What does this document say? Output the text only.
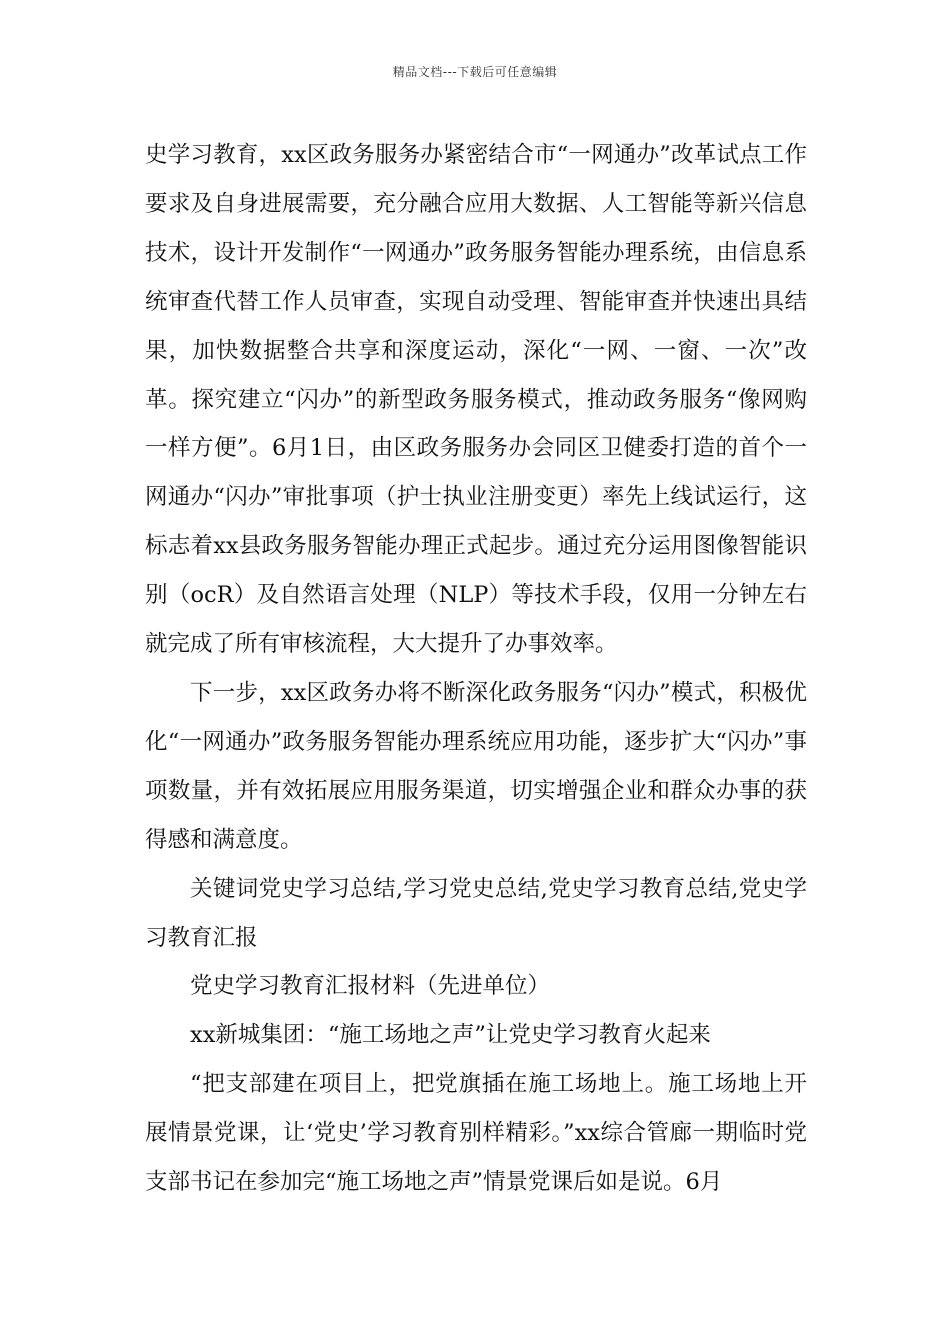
精品文档---下载后可任意编辑

史学习教育，xx区政务服务办紧密结合市“一网通办”改革试点工作要求及自身进展需要，充分融合应用大数据、人工智能等新兴信息技术，设计开发制作“一网通办”政务服务智能办理系统，由信息系统审查代替工作人员审查，实现自动受理、智能审查并快速出具结果，加快数据整合共享和深度运动，深化“一网、一窗、一次”改革。探究建立“闪办”的新型政务服务模式，推动政务服务“像网购一样方便”。6月1日，由区政务服务办会同区卫健委打造的首个一网通办“闪办”审批事项（护士执业注册变更）率先上线试运行，这标志着xx县政务服务智能办理正式起步。通过充分运用图像智能识别（ocR）及自然语言处理（NLP）等技术手段，仅用一分钟左右就完成了所有审核流程，大大提升了办事效率。

下一步，xx区政务办将不断深化政务服务“闪办”模式，积极优化“一网通办”政务服务智能办理系统应用功能，逐步扩大“闪办”事项数量，并有效拓展应用服务渠道，切实增强企业和群众办事的获得感和满意度。

关键词党史学习总结,学习党史总结,党史学习教育总结,党史学习教育汇报

党史学习教育汇报材料（先进单位）

xx新城集团：“施工场地之声”让党史学习教育火起来

“把支部建在项目上，把党旗插在施工场地上。施工场地上开展情景党课，让‘党史’学习教育别样精彩。”xx综合管廊一期临时党支部书记在参加完“施工场地之声”情景党课后如是说。6月
